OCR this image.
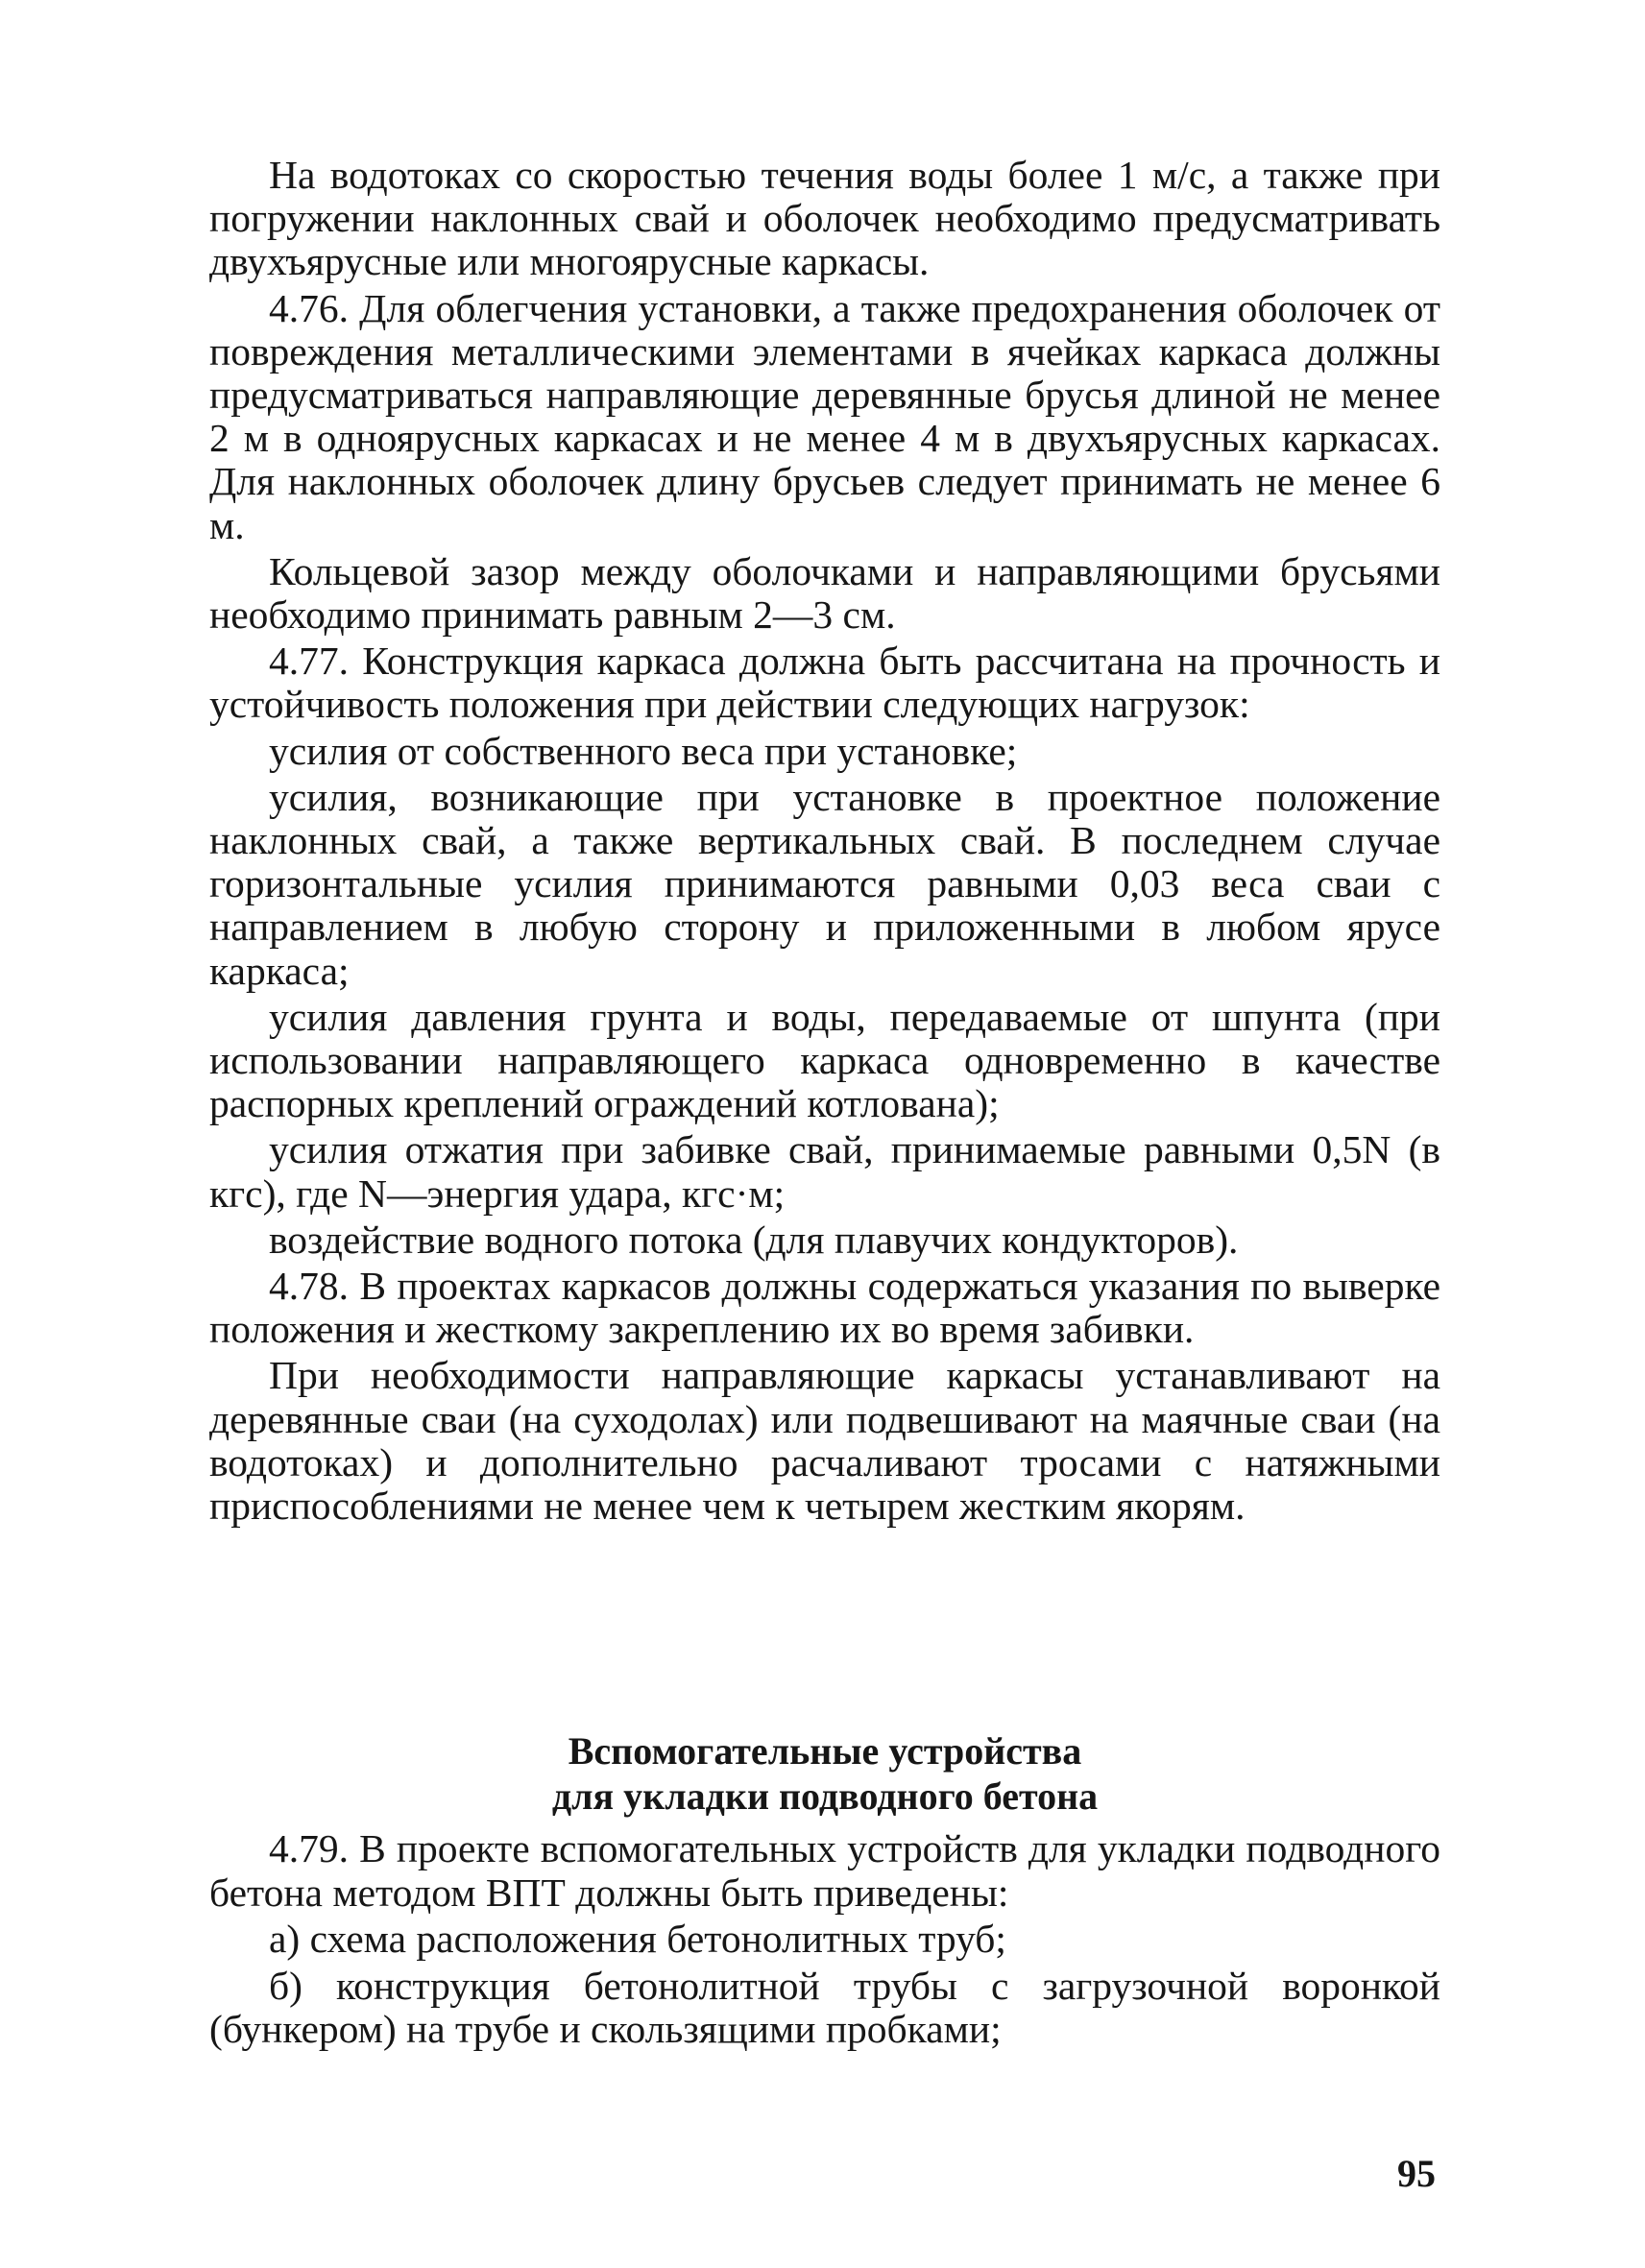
На водотоках со скоростью течения воды более 1 м/с, а также при погружении наклонных свай и оболочек необходимо предусматривать двухъярусные или многоярусные каркасы.

4.76. Для облегчения установки, а также предохранения оболочек от повреждения металлическими элементами в ячейках каркаса должны предусматриваться направляющие деревянные брусья длиной не менее 2 м в одноярусных каркасах и не менее 4 м в двухъярусных каркасах. Для наклонных оболочек длину брусьев следует принимать не менее 6 м.

Кольцевой зазор между оболочками и направляющими брусьями необходимо принимать равным 2—3 см.

4.77. Конструкция каркаса должна быть рассчитана на прочность и устойчивость положения при действии следующих нагрузок:

усилия от собственного веса при установке;

усилия, возникающие при установке в проектное положение наклонных свай, а также вертикальных свай. В последнем случае горизонтальные усилия принимаются равными 0,03 веса сваи с направлением в любую сторону и приложенными в любом ярусе каркаса;

усилия давления грунта и воды, передаваемые от шпунта (при использовании направляющего каркаса одновременно в качестве распорных креплений ограждений котлована);

усилия отжатия при забивке свай, принимаемые равными 0,5N (в кгс), где N—энергия удара, кгс·м;

воздействие водного потока (для плавучих кондукторов).

4.78. В проектах каркасов должны содержаться указания по выверке положения и жесткому закреплению их во время забивки.

При необходимости направляющие каркасы устанавливают на деревянные сваи (на суходолах) или подвешивают на маячные сваи (на водотоках) и дополнительно расчаливают тросами с натяжными приспособлениями не менее чем к четырем жестким якорям.

Вспомогательные устройства
для укладки подводного бетона

4.79. В проекте вспомогательных устройств для укладки подводного бетона методом ВПТ должны быть приведены:

а) схема расположения бетонолитных труб;

б) конструкция бетонолитной трубы с загрузочной воронкой (бункером) на трубе и скользящими пробками;

95
